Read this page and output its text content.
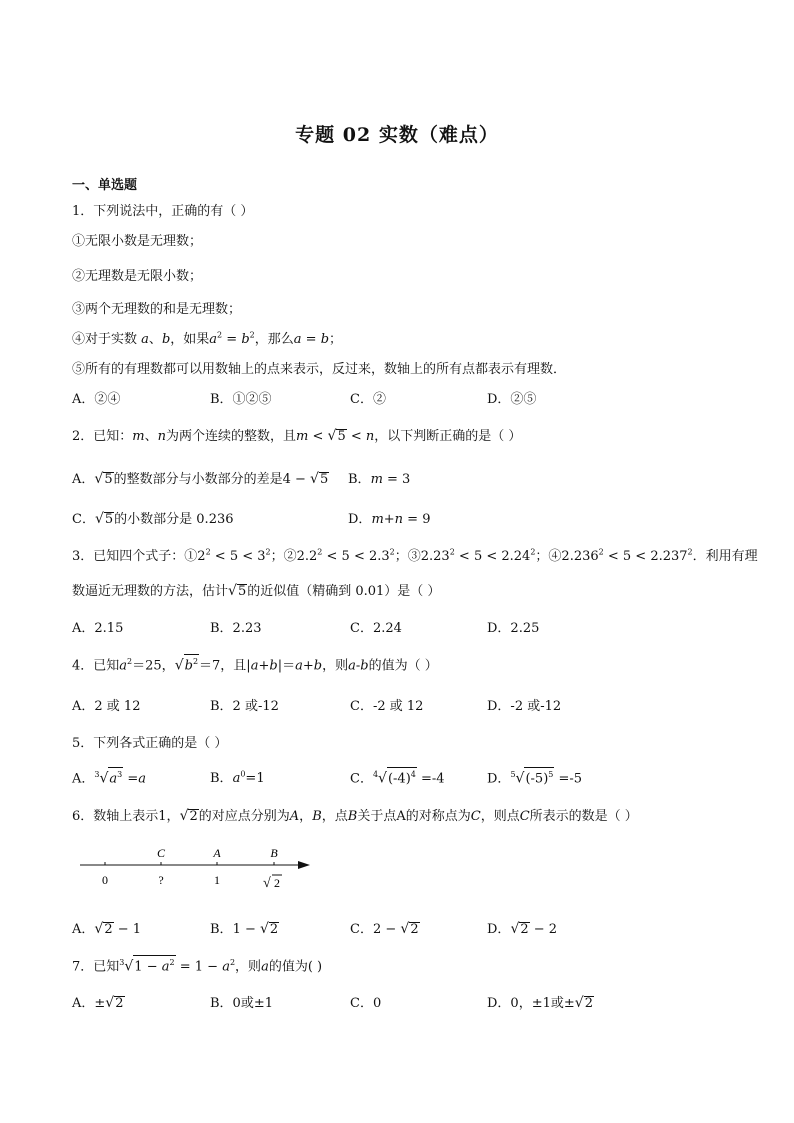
专题 02 实数（难点）
一、单选题
1．下列说法中，正确的有（ ）
①无限小数是无理数；
②无理数是无限小数；
③两个无理数的和是无理数；
④对于实数 a、b，如果$a^2 = b^2$，那么a = b；
⑤所有的有理数都可以用数轴上的点来表示，反过来，数轴上的所有点都表示有理数．
A．②④	B．①②⑤	C．②	D．②⑤
2．已知：m、n为两个连续的整数，且m < √5 < n，以下判断正确的是（ ）
A．√5的整数部分与小数部分的差是4 − √5 B．m = 3
C．√5的小数部分是 0.236	D．m+n = 9
3．已知四个式子：$①2^2 < 5 < 3^2$；$②2.2^2 < 5 < 2.3^2$；$③2.23^2 < 5 < 2.24^2$；$④2.236^2 < 5 < 2.237^2$．利用有理
数逼近无理数的方法，估计√5的近似值（精确到 0.01）是（ ）
A．2.15	B．2.23	C．2.24	D．2.25
4．已知$a^2=25$，$√b^2=7$，且|a+b|＝a+b，则a-b的值为（ ）
A．2 或 12	B．2 或-12	C．-2 或 12	D．-2 或-12
5．下列各式正确的是（ ）
A．$^3√a^3 =a$	B．$a^0=1$	C．$^4√(-4)^4 =-4$	D．$^5√(-5)^5 =-5$
6．数轴上表示1，√2的对应点分别为A，B，点B关于点A的对称点为C，则点C所表示的数是（ ）
C	A	B
0	?	1	√ 2
A．√2 − 1	B．1 − √2	C．2 − √2	D．√2 − 2
7．已知$^3√1 - a^2 = 1 - a^2$，则a的值为( )
A．±√2	B．0或±1	C．0	D．0，±1或±√2
